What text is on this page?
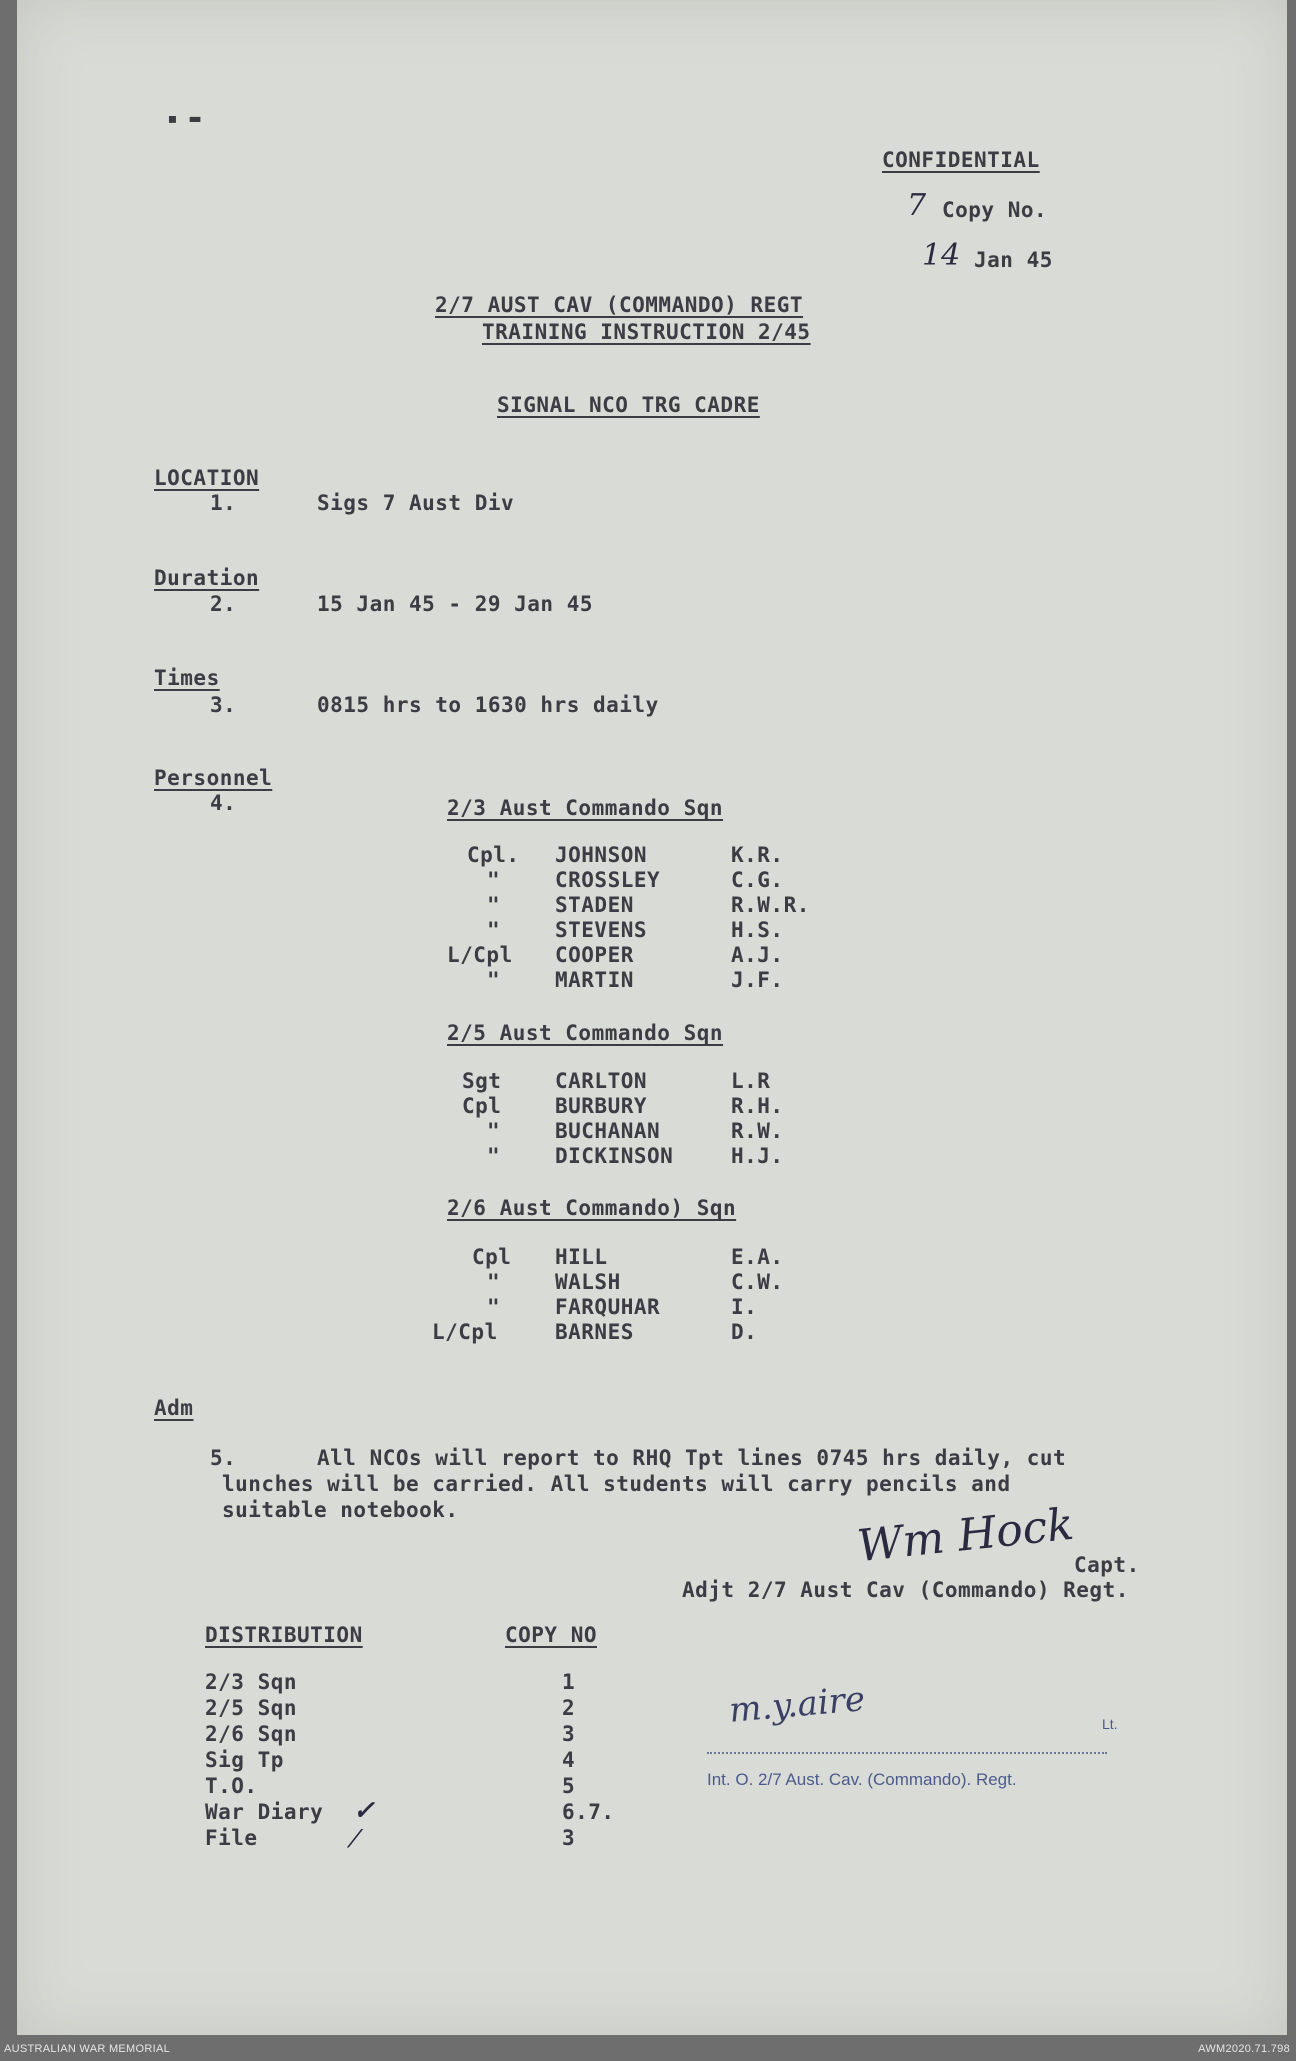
▪ ▬
CONFIDENTIAL
7 Copy No.
14 Jan 45
2/7 AUST CAV (COMMANDO) REGT
TRAINING INSTRUCTION 2/45
SIGNAL NCO TRG CADRE
LOCATION
1.	Sigs 7 Aust Div
Duration
2.	15 Jan 45 - 29 Jan 45
Times
3.	0815 hrs to 1630 hrs daily
Personnel
4.	2/3 Aust Commando Sqn
Cpl. JOHNSON	K.R.
"	CROSSLEY	C.G.
"	STADEN	R.W.R.
"	STEVENS	H.S.
L/Cpl COOPER	A.J.
"	MARTIN	J.F.
2/5 Aust Commando Sqn
Sgt	CARLTON	L.R
Cpl	BURBURY	R.H.
"	BUCHANAN	R.W.
"	DICKINSON	H.J.
2/6 Aust Commando) Sqn
Cpl HILL	E.A.
"	WALSH	C.W.
"	FARQUHAR	I.
L/Cpl	BARNES	D.
Adm
5.	All NCOs will report to RHQ Tpt lines 0745 hrs daily, cut
lunches will be carried. All students will carry pencils and
suitable notebook.	Wm Hock
Capt.
Adjt 2/7 Aust Cav (Commando) Regt.
DISTRIBUTION	COPY NO
2/3 Sqn	1
2/5 Sqn	2
2/6 Sqn	3
Sig Tp	4
T.O.	5
War Diary ✓	6.7.
File	⁄	3
m.y.aire	Lt.
Int. O. 2/7 Aust. Cav. (Commando). Regt.
AUSTRALIAN WAR MEMORIAL	AWM2020.71.798
